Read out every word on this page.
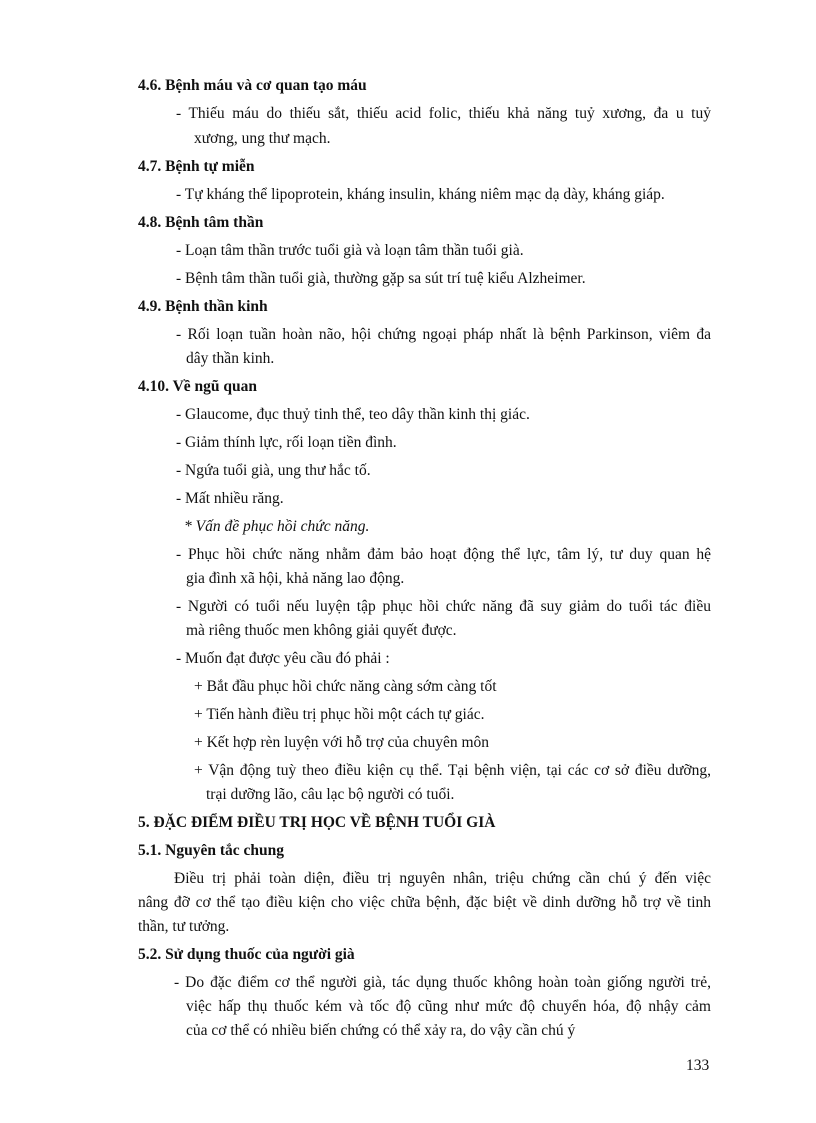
4.6. Bệnh máu và cơ quan tạo máu
- Thiếu máu do thiếu sắt, thiếu acid folic, thiếu khả năng tuỷ xương, đa u tuỷ
xương, ung thư mạch.
4.7. Bệnh tự miễn
- Tự kháng thể lipoprotein, kháng insulin, kháng niêm mạc dạ dày, kháng giáp.
4.8. Bệnh tâm thần
- Loạn tâm thần trước tuổi già và loạn tâm thần tuổi già.
- Bệnh tâm thần tuổi già, thường gặp sa sút trí tuệ kiểu Alzheimer.
4.9. Bệnh thần kinh
- Rối loạn tuần hoàn não, hội chứng ngoại pháp nhất là bệnh Parkinson, viêm đa
dây thần kinh.
4.10. Về ngũ quan
- Glaucome, đục thuỷ tinh thể, teo dây thần kinh thị giác.
- Giảm thính lực, rối loạn tiền đình.
- Ngứa tuổi già, ung thư hắc tố.
- Mất nhiều răng.
* Vấn đề phục hồi chức năng.
- Phục hồi chức năng nhằm đảm bảo hoạt động thể lực, tâm lý, tư duy quan hệ
gia đình xã hội, khả năng lao động.
- Người có tuổi nếu luyện tập phục hồi chức năng đã suy giảm do tuổi tác điều
mà riêng thuốc men không giải quyết được.
- Muốn đạt được yêu cầu đó phải :
+ Bắt đầu phục hồi chức năng càng sớm càng tốt
+ Tiến hành điều trị phục hồi một cách tự giác.
+ Kết hợp rèn luyện với hỗ trợ của chuyên môn
+ Vận động tuỳ theo điều kiện cụ thể. Tại bệnh viện, tại các cơ sở điều dưỡng,
trại dưỡng lão, câu lạc bộ người có tuổi.
5. ĐẶC ĐIỂM ĐIỀU TRỊ HỌC VỀ BỆNH TUỔI GIÀ
5.1. Nguyên tắc chung
Điều trị phải toàn diện, điều trị nguyên nhân, triệu chứng cần chú ý đến việc
nâng đỡ cơ thể tạo điều kiện cho việc chữa bệnh, đặc biệt về dinh dưỡng hỗ trợ về tinh
thần, tư tưởng.
5.2. Sử dụng thuốc của người già
- Do đặc điểm cơ thể người già, tác dụng thuốc không hoàn toàn giống người trẻ,
việc hấp thụ thuốc kém và tốc độ cũng như mức độ chuyển hóa, độ nhậy cảm
của cơ thể có nhiều biến chứng có thể xảy ra, do vậy cần chú ý
133
